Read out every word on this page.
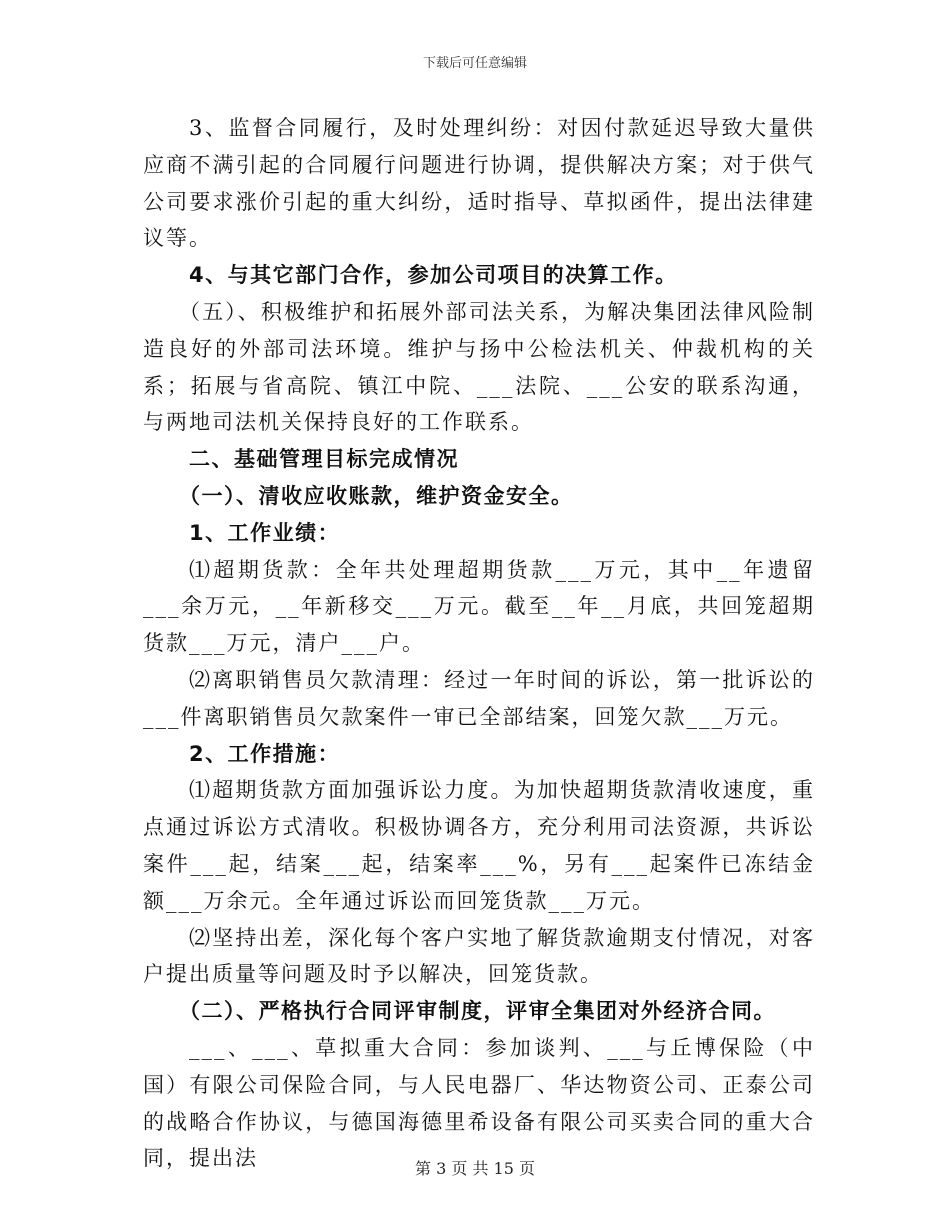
下载后可任意编辑

3、监督合同履行，及时处理纠纷：对因付款延迟导致大量供应商不满引起的合同履行问题进行协调，提供解决方案；对于供气公司要求涨价引起的重大纠纷，适时指导、草拟函件，提出法律建议等。

4、与其它部门合作，参加公司项目的决算工作。

（五）、积极维护和拓展外部司法关系，为解决集团法律风险制造良好的外部司法环境。维护与扬中公检法机关、仲裁机构的关系；拓展与省高院、镇江中院、___法院、___公安的联系沟通，与两地司法机关保持良好的工作联系。

二、基础管理目标完成情况

（一）、清收应收账款，维护资金安全。

1、工作业绩：

⑴超期货款：全年共处理超期货款___万元，其中__年遗留___余万元，__年新移交___万元。截至__年__月底，共回笼超期货款___万元，清户___户。

⑵离职销售员欠款清理：经过一年时间的诉讼，第一批诉讼的___件离职销售员欠款案件一审已全部结案，回笼欠款___万元。

2、工作措施：

⑴超期货款方面加强诉讼力度。为加快超期货款清收速度，重点通过诉讼方式清收。积极协调各方，充分利用司法资源，共诉讼案件___起，结案___起，结案率___%，另有___起案件已冻结金额___万余元。全年通过诉讼而回笼货款___万元。

⑵坚持出差，深化每个客户实地了解货款逾期支付情况，对客户提出质量等问题及时予以解决，回笼货款。

（二）、严格执行合同评审制度，评审全集团对外经济合同。

___、___、草拟重大合同：参加谈判、___与丘博保险（中国）有限公司保险合同，与人民电器厂、华达物资公司、正泰公司的战略合作协议，与德国海德里希设备有限公司买卖合同的重大合同，提出法	第 3 页 共 15 页
